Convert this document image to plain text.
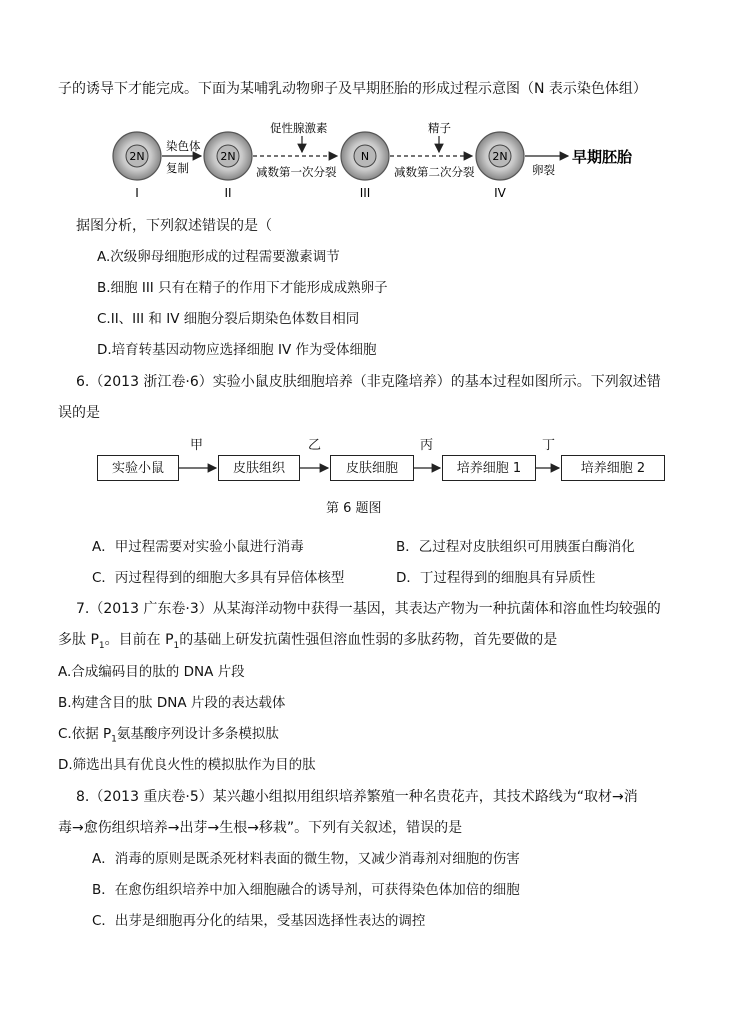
子的诱导下才能完成。下面为某哺乳动物卵子及早期胚胎的形成过程示意图（N 表示染色体组）
2N
I
染色体
复制
2N
II
促性腺激素
减数第一次分裂
N
III
精子
减数第二次分裂
2N
IV
卵裂
早期胚胎
据图分析，下列叙述错误的是（
A.次级卵母细胞形成的过程需要激素调节
B.细胞 III 只有在精子的作用下才能形成成熟卵子
C.II、III 和 IV 细胞分裂后期染色体数目相同
D.培育转基因动物应选择细胞 IV 作为受体细胞
6.（2013 浙江卷·6）实验小鼠皮肤细胞培养（非克隆培养）的基本过程如图所示。下列叙述错
误的是
实验小鼠	皮肤组织	皮肤细胞	培养细胞 1	培养细胞 2
甲	乙	丙	丁
第 6 题图
A．甲过程需要对实验小鼠进行消毒	B．乙过程对皮肤组织可用胰蛋白酶消化
C．丙过程得到的细胞大多具有异倍体核型	D．丁过程得到的细胞具有异质性
7.（2013 广东卷·3）从某海洋动物中获得一基因，其表达产物为一种抗菌体和溶血性均较强的
多肽 $P_1$。目前在 $P_1$的基础上研发抗菌性强但溶血性弱的多肽药物，首先要做的是
A.合成编码目的肽的 DNA 片段
B.构建含目的肽 DNA 片段的表达载体
C.依据 $P_1$氨基酸序列设计多条模拟肽
D.筛选出具有优良火性的模拟肽作为目的肽
8.（2013 重庆卷·5）某兴趣小组拟用组织培养繁殖一种名贵花卉，其技术路线为“取材→消
毒→愈伤组织培养→出芽→生根→移栽”。下列有关叙述，错误的是
A．消毒的原则是既杀死材料表面的微生物，又减少消毒剂对细胞的伤害
B．在愈伤组织培养中加入细胞融合的诱导剂，可获得染色体加倍的细胞
C．出芽是细胞再分化的结果，受基因选择性表达的调控
